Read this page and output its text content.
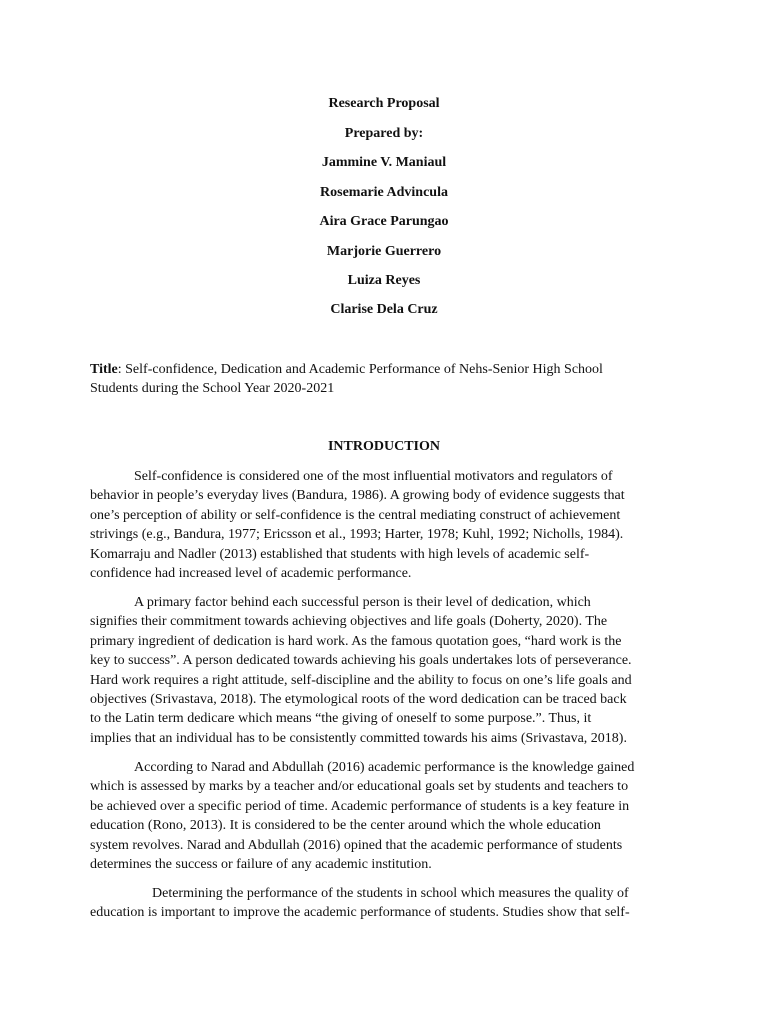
Research Proposal
Prepared by:
Jammine V. Maniaul
Rosemarie Advincula
Aira Grace Parungao
Marjorie Guerrero
Luiza Reyes
Clarise Dela Cruz
Title: Self-confidence, Dedication and Academic Performance of Nehs-Senior High School
Students during the School Year 2020-2021
INTRODUCTION
Self-confidence is considered one of the most influential motivators and regulators of
behavior in people’s everyday lives (Bandura, 1986). A growing body of evidence suggests that
one’s perception of ability or self-confidence is the central mediating construct of achievement
strivings (e.g., Bandura, 1977; Ericsson et al., 1993; Harter, 1978; Kuhl, 1992; Nicholls, 1984).
Komarraju and Nadler (2013) established that students with high levels of academic self-
confidence had increased level of academic performance.
A primary factor behind each successful person is their level of dedication, which
signifies their commitment towards achieving objectives and life goals (Doherty, 2020). The
primary ingredient of dedication is hard work. As the famous quotation goes, “hard work is the
key to success”. A person dedicated towards achieving his goals undertakes lots of perseverance.
Hard work requires a right attitude, self-discipline and the ability to focus on one’s life goals and
objectives (Srivastava, 2018). The etymological roots of the word dedication can be traced back
to the Latin term dedicare which means “the giving of oneself to some purpose.”. Thus, it
implies that an individual has to be consistently committed towards his aims (Srivastava, 2018).
According to Narad and Abdullah (2016) academic performance is the knowledge gained
which is assessed by marks by a teacher and/or educational goals set by students and teachers to
be achieved over a specific period of time. Academic performance of students is a key feature in
education (Rono, 2013). It is considered to be the center around which the whole education
system revolves. Narad and Abdullah (2016) opined that the academic performance of students
determines the success or failure of any academic institution.
Determining the performance of the students in school which measures the quality of
education is important to improve the academic performance of students. Studies show that self-
